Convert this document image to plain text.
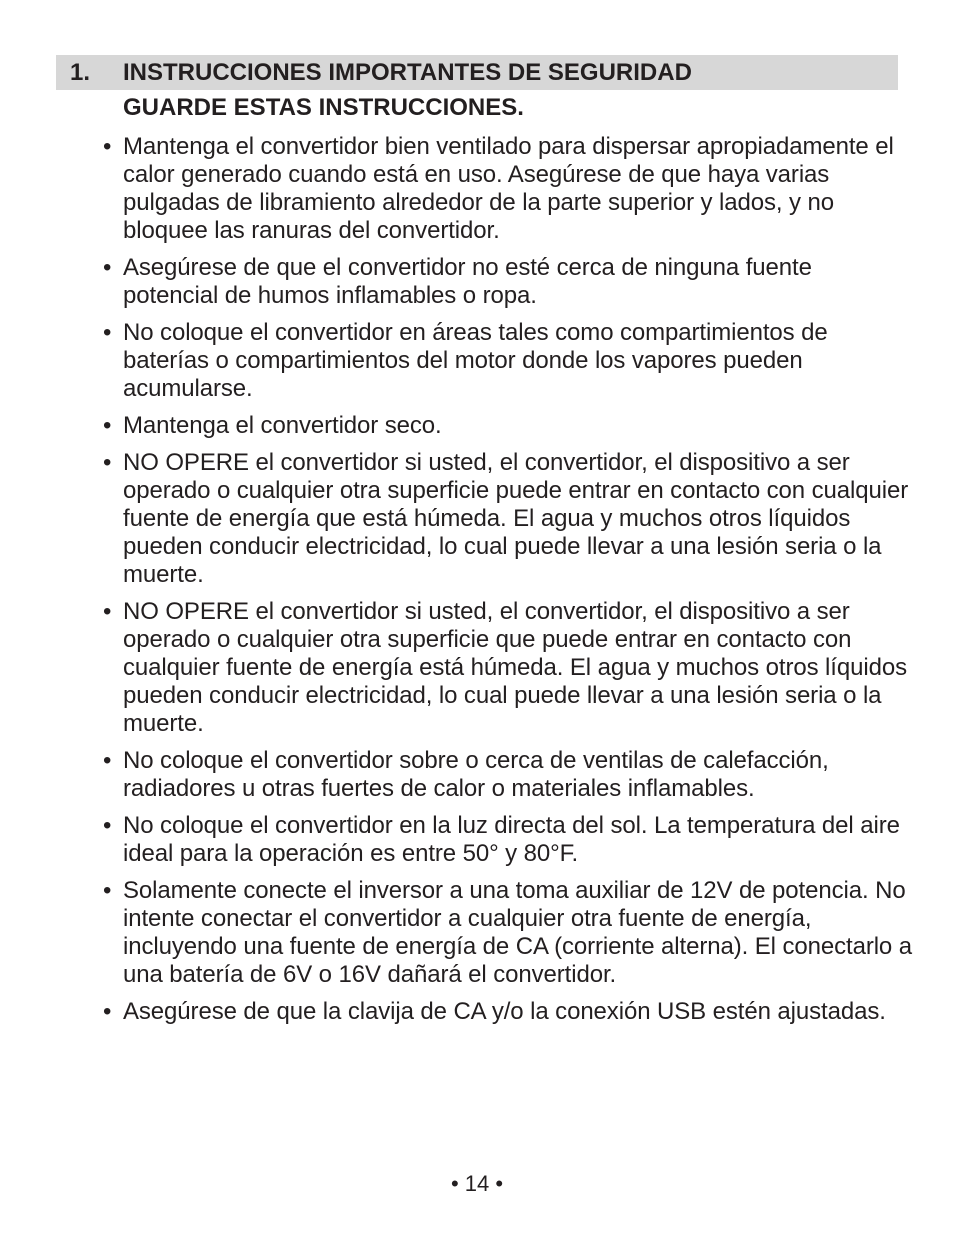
1. INSTRUCCIONES IMPORTANTES DE SEGURIDAD
GUARDE ESTAS INSTRUCCIONES.
• Mantenga el convertidor bien ventilado para dispersar apropiadamente el calor generado cuando está en uso. Asegúrese de que haya varias pulgadas de libramiento alrededor de la parte superior y lados, y no bloquee las ranuras del convertidor.
• Asegúrese de que el convertidor no esté cerca de ninguna fuente potencial de humos inflamables o ropa.
• No coloque el convertidor en áreas tales como compartimientos de baterías o compartimientos del motor donde los vapores pueden acumularse.
• Mantenga el convertidor seco.
• NO OPERE el convertidor si usted, el convertidor, el dispositivo a ser operado o cualquier otra superficie puede entrar en contacto con cualquier fuente de energía que está húmeda. El agua y muchos otros líquidos pueden conducir electricidad, lo cual puede llevar a una lesión seria o la muerte.
• NO OPERE el convertidor si usted, el convertidor, el dispositivo a ser operado o cualquier otra superficie que puede entrar en contacto con cualquier fuente de energía está húmeda. El agua y muchos otros líquidos pueden conducir electricidad, lo cual puede llevar a una lesión seria o la muerte.
• No coloque el convertidor sobre o cerca de ventilas de calefacción, radiadores u otras fuertes de calor o materiales inflamables.
• No coloque el convertidor en la luz directa del sol. La temperatura del aire ideal para la operación es entre 50° y 80°F.
• Solamente conecte el inversor a una toma auxiliar de 12V de potencia. No intente conectar el convertidor a cualquier otra fuente de energía, incluyendo una fuente de energía de CA (corriente alterna). El conectarlo a una batería de 6V o 16V dañará el convertidor.
• Asegúrese de que la clavija de CA y/o la conexión USB estén ajustadas.
• 14 •
